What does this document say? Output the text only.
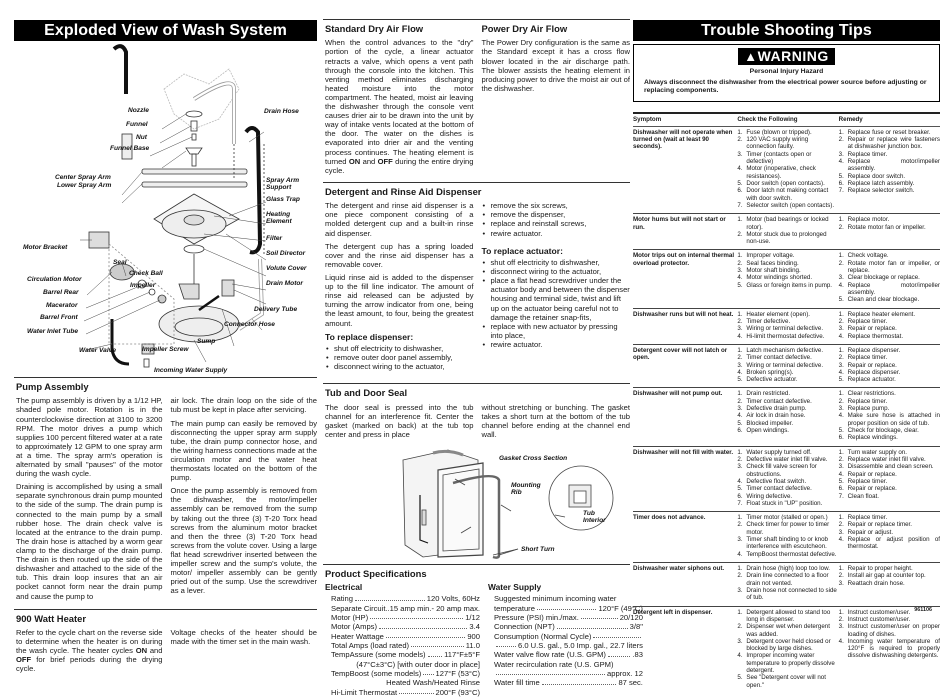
Exploded View of Wash System
Nozzle
Funnel
Nut
Funnel Base
Center Spray Arm
Lower Spray Arm
Drain Hose
Spray Arm Support
Glass Trap
Heating Element
Filter
Soil Director
Volute Cover
Drain Motor
Delivery Tube
Connector Hose
Sump
Motor Bracket
Seal
Check Ball
Circulation Motor
Impeller
Barrel Rear
Macerator
Barrel Front
Water Inlet Tube
Water Valve	Impeller Screw
Incoming Water Supply
Pump Assembly

The pump assembly is driven by a 1/12 HP, shaded pole motor. Rotation is in the counterclockwise direction at 3100 to 3200 RPM. The motor drives a pump which supplies 100 percent filtered water at a rate to approximately 12 GPM to one spray arm at a time. The spray arm's operation is alternated by small "pauses" of the motor during the wash cycle.

Draining is accomplished by using a small separate synchronous drain pump mounted to the side of the sump. The drain pump is connected to the main pump by a small rubber hose. The drain check valve is located at the entrance to the drain pump. The drain hose is attached by a worm gear clamp to the discharge of the drain pump. The drain is then routed up the side of the dishwasher and attached to the side of the tub. This drain loop insures that an air pocket cannot form near the drain pump and cause the pump to

air lock. The drain loop on the side of the tub must be kept in place after servicing.

The main pump can easily be removed by disconnecting the upper spray arm supply tube, the drain pump connector hose, and the wiring harness connections made at the circulation motor and the water heat thermostats located on the bottom of the pump.

Once the pump assembly is removed from the dishwasher, the motor/impeller assembly can be removed from the sump by taking out the three (3) T-20 Torx head screws from the aluminum motor bracket and then the three (3) T-20 Torx head screws from the volute cover. Using a large flat head screwdriver inserted between the impeller screw and the sump's volute, the motor/ impeller assembly can be gently pried out of the sump. Use the screwdriver as a lever.

900 Watt Heater

Refer to the cycle chart on the reverse side to determine when the heater is on during the wash cycle. The heater cycles ON and OFF for brief periods during the drying cycle.

Voltage checks of the heater should be made with the timer set in the main wash.

Standard Dry Air Flow

When the control advances to the "dry" portion of the cycle, a linear actuator retracts a valve, which opens a vent path through the console into the kitchen. This venting method eliminates discharging heated moisture into the motor compartment. The heated, moist air leaving the dishwasher through the console vent causes drier air to be drawn into the unit by way of intake vents located at the bottom of the door. The water on the dishes is evaporated into drier air and the venting process continues. The heating element is turned ON and OFF during the entire drying cycle.

Power Dry Air Flow

The Power Dry configuration is the same as the Standard except it has a cross flow blower located in the air discharge path. The blower assists the heating element in producing power to drive the moist air out of the dishwasher.

Detergent and Rinse Aid Dispenser

The detergent and rinse aid dispenser is a one piece component consisting of a molded detergent cup and a built-in rinse aid dispenser.

The detergent cup has a spring loaded cover and the rinse aid dispenser has a removable cover.

Liquid rinse aid is added to the dispenser up to the fill line indicator. The amount of rinse aid released can be adjusted by turning the arrow indicator from one, being the least amount, to four, being the greatest amount.

To replace dispenser:
• shut off electricity to dishwasher,
• remove outer door panel assembly,
• disconnect wiring to the actuator,
• remove the six screws,
• remove the dispenser,
• replace and reinstall screws,
• rewire actuator.
To replace actuator:
• shut off electricity to dishwasher,
• disconnect wiring to the actuator,
• place a flat head screwdriver under the actuator body and between the dispenser housing and terminal side, twist and lift up on the actuator being careful not to damage the retainer snap-fits,
• replace with new actuator by pressing into place,
• rewire actuator.
Tub and Door Seal

The door seal is pressed into the tub channel for an interference fit. Center the gasket (marked on back) at the tub top center and press in place

without stretching or bunching. The gasket takes a short turn at the bottom of the tub channel before ending at the channel end wall.

Gasket Cross Section
Mounting Rib
Tub Interior
Short Turn
Product Specifications
Electrical
Rating	120 Volts, 60Hz
Separate Circuit..15 amp min.- 20 amp max.
Motor (HP)	1/12
Motor (Amps)	3.4
Heater Wattage	900
Total Amps (load rated)	11.0
TempAssure (some models) 117°F±5°F
(47°C±3°C) [with outer door in place]
TempBoost (some models) 127°F (53°C)
Heated Wash/Heated Rinse
Hi-Limit Thermostat	200°F (93°C)
Water Supply
Suggested minimum incoming water
temperature	120°F (49°C)
Pressure (PSI) min./max.	20/120
Connection (NPT)	3/8"
Consumption (Normal Cycle)
6.0 U.S. gal., 5.0 Imp. gal., 22.7 liters
Water valve flow rate (U.S. GPM)	.83
Water recirculation rate (U.S. GPM)
approx. 12
Water fill time	87 sec.
Trouble Shooting Tips
▲WARNING
Personal Injury Hazard
Always disconnect the dishwasher from the electrical power source before adjusting or replacing components.
Symptom	Check the Following	Remedy
Dishwasher will not operate when turned on (wait at least 90 seconds).	
1. Fuse (blown or tripped).
2. 120 VAC supply wiring connection faulty.
3. Timer (contacts open or defective)
4. Motor (inoperative, check resistances).
5. Door switch (open contacts).
6. Door latch not making contact with door switch.
7. Selector switch (open contacts).

1. Replace fuse or reset breaker.
2. Repair or replace wire fasteners at dishwasher junction box.
3. Replace timer.
4. Replace motor/impeller assembly.
5. Replace door switch.
6. Replace latch assembly.
7. Replace selector switch.

Motor hums but will not start or run.	
1. Motor (bad bearings or locked rotor).
2. Motor stuck due to prolonged non-use.

1. Replace motor.
2. Rotate motor fan or impeller.

Motor trips out on internal thermal overload protector.	
1. Improper voltage.
2. Seal faces binding.
3. Motor shaft binding.
4. Motor windings shorted.
5. Glass or foreign items in pump.

1. Check voltage.
2. Rotate motor fan or impeller, or replace.
3. Clear blockage or replace.
4. Replace motor/impeller assembly.
5. Clean and clear blockage.

Dishwasher runs but will not heat.	1. Heater element (open).
2. Timer defective.
3. Wiring or terminal defective.
4. Hi-limit thermostat defective.

1. Replace heater element.
2. Replace timer.
3. Repair or replace.
4. Replace thermostat.

Detergent cover will not latch or open.	
1. Latch mechanism defective.
2. Timer contact defective.
3. Wiring or terminal defective.
4. Broken spring(s).
5. Defective actuator.

1. Replace dispenser.
2. Replace timer.
3. Repair or replace.
4. Replace dispenser.
5. Replace actuator.

Dishwasher will not pump out.	1. Drain restricted.
2. Timer contact defective.
3. Defective drain pump.
4. Air lock in drain hose.
5. Blocked impeller.
6. Open windings.

1. Clear restrictions.
2. Replace timer.
3. Replace pump.
4. Make sure hose is attached in proper position on side of tub.
5. Check for blockage, clear.
6. Replace windings.

Dishwasher will not fill with water.	1. Water supply turned off.
2. Defective water inlet fill valve.
3. Check fill valve screen for obstructions.
4. Defective float switch.
5. Timer contact defective.
6. Wiring defective.
7. Float stuck in "UP" position.

1. Turn water supply on.
2. Replace water inlet fill valve.
3. Disassemble and clean screen.
4. Repair or replace.
5. Replace timer.
6. Repair or replace.
7. Clean float.

Timer does not advance.	1. Timer motor (stalled or open.)
2. Check timer for power to timer motor.
3. Timer shaft binding to or knob interference with escutcheon.
4. TempBoost thermostat defective.

1. Replace timer.
2. Repair or replace timer.
3. Repair or adjust.
4. Replace or adjust position of thermostat.

Dishwasher water siphons out.	1. Drain hose (high) loop too low.
2. Drain line connected to a floor drain not vented.
3. Drain hose not connected to side of tub.

1. Repair to proper height.
2. Install air gap at counter top.
3. Reattach drain hose.

Detergent left in dispenser.	1. Detergent allowed to stand too long in dispenser.
2. Dispenser wet when detergent was added.
3. Detergent cover held closed or blocked by large dishes.
4. Improper incoming water temperature to properly dissolve detergent.
5. See "Detergent cover will not open."

1. Instruct customer/user.
2. Instruct customer/user.
3. Instruct customer/user on proper loading of dishes.
4. Incoming water temperature of 120°F is required to properly dissolve dishwashing detergents.
961106
